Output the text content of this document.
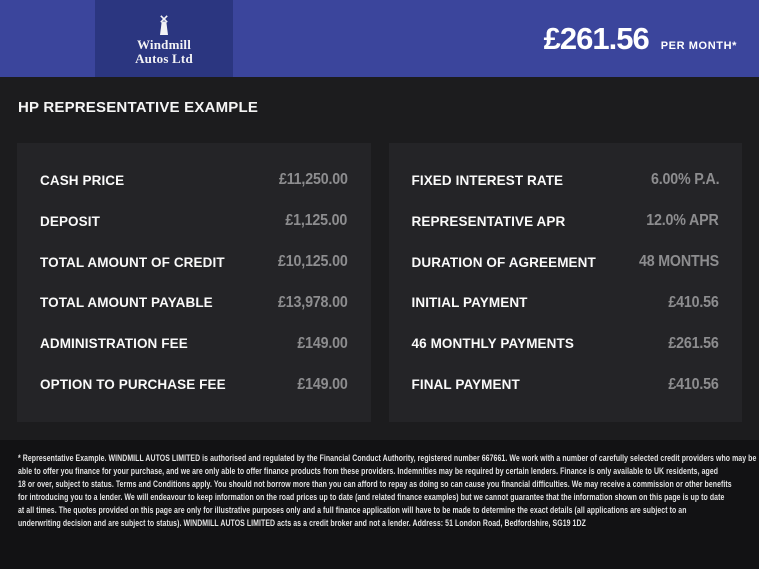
Windmill
Autos Ltd
£261.56 PER MONTH*
HP REPRESENTATIVE EXAMPLE
CASH PRICE	£11,250.00
DEPOSIT	£1,125.00
TOTAL AMOUNT OF CREDIT	£10,125.00
TOTAL AMOUNT PAYABLE	£13,978.00
ADMINISTRATION FEE	£149.00
OPTION TO PURCHASE FEE	£149.00
FIXED INTEREST RATE	6.00% P.A.
REPRESENTATIVE APR	12.0% APR
DURATION OF AGREEMENT	48 MONTHS
INITIAL PAYMENT	£410.56
46 MONTHLY PAYMENTS	£261.56
FINAL PAYMENT	£410.56
* Representative Example. WINDMILL AUTOS LIMITED is authorised and regulated by the Financial Conduct Authority, registered number 667661. We work with a number of carefully selected credit providers who may be
able to offer you finance for your purchase, and we are only able to offer finance products from these providers. Indemnities may be required by certain lenders. Finance is only available to UK residents, aged
18 or over, subject to status. Terms and Conditions apply. You should not borrow more than you can afford to repay as doing so can cause you financial difficulties. We may receive a commission or other benefits
for introducing you to a lender. We will endeavour to keep information on the road prices up to date (and related finance examples) but we cannot guarantee that the information shown on this page is up to date
at all times. The quotes provided on this page are only for illustrative purposes only and a full finance application will have to be made to determine the exact details (all applications are subject to an
underwriting decision and are subject to status). WINDMILL AUTOS LIMITED acts as a credit broker and not a lender. Address: 51 London Road, Bedfordshire, SG19 1DZ
